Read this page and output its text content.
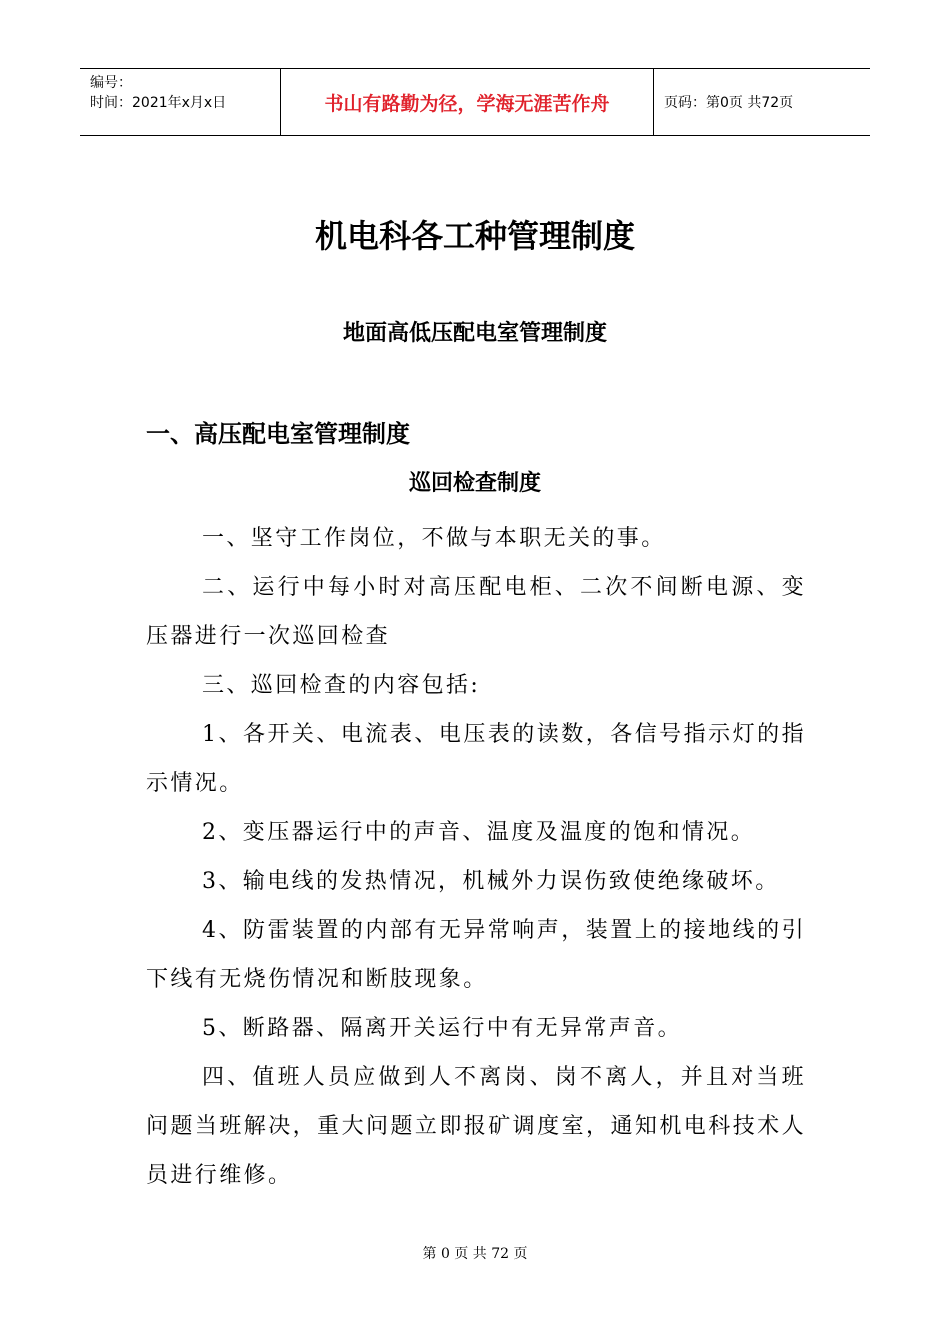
编号：
时间：2021年x月x日	书山有路勤为径，学海无涯苦作舟	页码：第0页 共72页
机电科各工种管理制度
地面高低压配电室管理制度
一、高压配电室管理制度
巡回检查制度

一、坚守工作岗位，不做与本职无关的事。

二、运行中每小时对高压配电柜、二次不间断电源、变压器进行一次巡回检查

三、巡回检查的内容包括:

1、各开关、电流表、电压表的读数，各信号指示灯的指示情况。

2、变压器运行中的声音、温度及温度的饱和情况。

3、输电线的发热情况，机械外力误伤致使绝缘破坏。

4、防雷装置的内部有无异常响声，装置上的接地线的引下线有无烧伤情况和断肢现象。

5、断路器、隔离开关运行中有无异常声音。

四、值班人员应做到人不离岗、岗不离人，并且对当班问题当班解决，重大问题立即报矿调度室，通知机电科技术人员进行维修。

第 0 页 共 72 页
